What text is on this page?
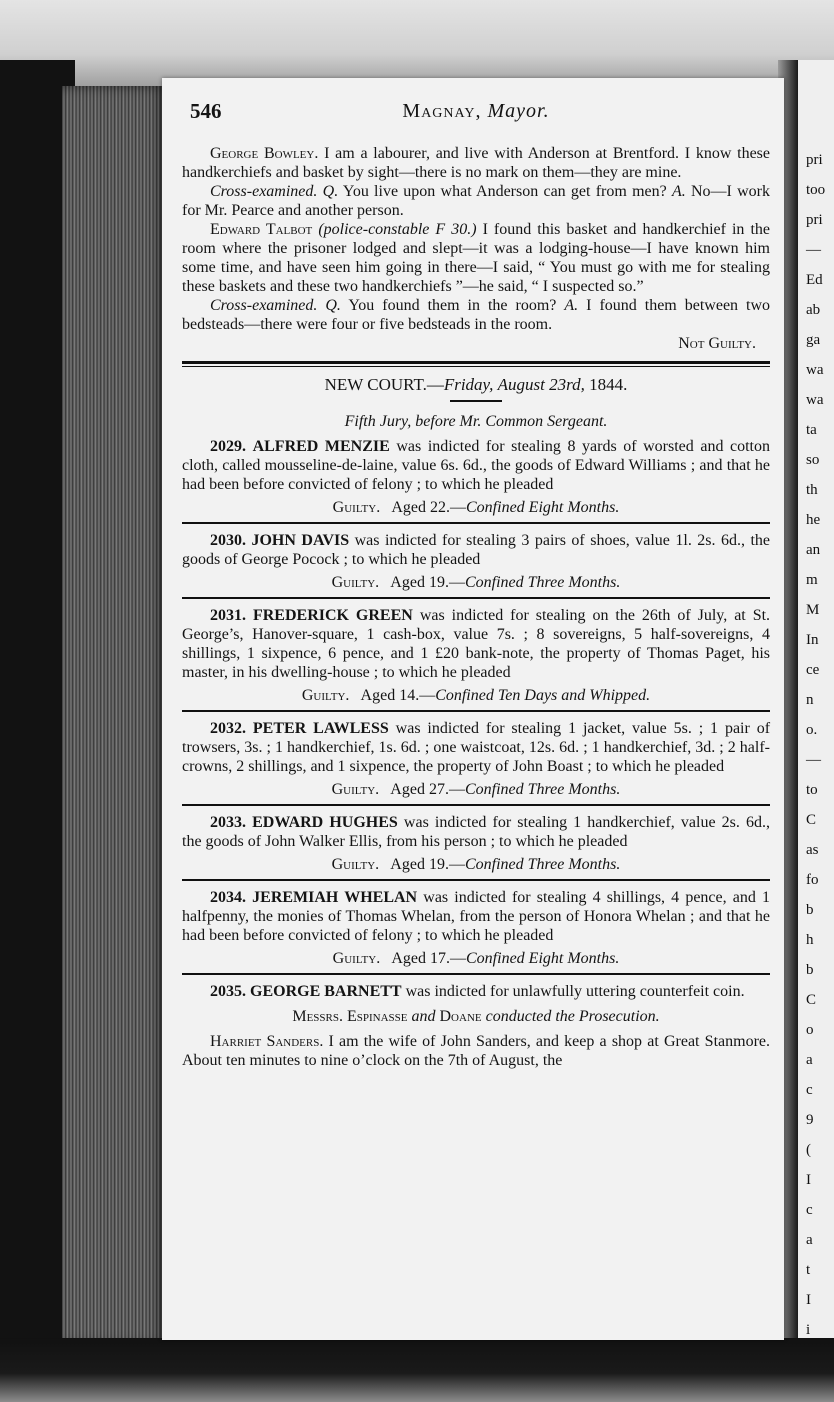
pri
too
pri
—
Ed
ab
ga
wa
wa
ta
so
th
he
an
m
M
In
ce
n
o.
—
to
C
as
fo
b
h
b
C
o
a
c
9
(
I
c
a
t
I
i
546	Magnay, Mayor.

George Bowley. I am a labourer, and live with Anderson at Brentford. I know these handkerchiefs and basket by sight—there is no mark on them—they are mine.

Cross-examined. Q. You live upon what Anderson can get from men? A. No—I work for Mr. Pearce and another person.

Edward Talbot (police-constable F 30.) I found this basket and handkerchief in the room where the prisoner lodged and slept—it was a lodging-house—I have known him some time, and have seen him going in there—I said, “ You must go with me for stealing these baskets and these two handkerchiefs ”—he said, “ I suspected so.”

Cross-examined. Q. You found them in the room? A. I found them between two bedsteads—there were four or five bedsteads in the room.

Not Guilty.
NEW COURT.—Friday, August 23rd, 1844.
Fifth Jury, before Mr. Common Sergeant.

2029. ALFRED MENZIE was indicted for stealing 8 yards of worsted and cotton cloth, called mousseline-de-laine, value 6s. 6d., the goods of Edward Williams ; and that he had been before convicted of felony ; to which he pleaded

Guilty. Aged 22.—Confined Eight Months.

2030. JOHN DAVIS was indicted for stealing 3 pairs of shoes, value 1l. 2s. 6d., the goods of George Pocock ; to which he pleaded

Guilty. Aged 19.—Confined Three Months.

2031. FREDERICK GREEN was indicted for stealing on the 26th of July, at St. George’s, Hanover-square, 1 cash-box, value 7s. ; 8 sovereigns, 5 half-sovereigns, 4 shillings, 1 sixpence, 6 pence, and 1 £20 bank-note, the property of Thomas Paget, his master, in his dwelling-house ; to which he pleaded

Guilty. Aged 14.—Confined Ten Days and Whipped.

2032. PETER LAWLESS was indicted for stealing 1 jacket, value 5s. ; 1 pair of trowsers, 3s. ; 1 handkerchief, 1s. 6d. ; one waistcoat, 12s. 6d. ; 1 handkerchief, 3d. ; 2 half-crowns, 2 shillings, and 1 sixpence, the property of John Boast ; to which he pleaded

Guilty. Aged 27.—Confined Three Months.

2033. EDWARD HUGHES was indicted for stealing 1 handkerchief, value 2s. 6d., the goods of John Walker Ellis, from his person ; to which he pleaded

Guilty. Aged 19.—Confined Three Months.

2034. JEREMIAH WHELAN was indicted for stealing 4 shillings, 4 pence, and 1 halfpenny, the monies of Thomas Whelan, from the person of Honora Whelan ; and that he had been before convicted of felony ; to which he pleaded

Guilty. Aged 17.—Confined Eight Months.

2035. GEORGE BARNETT was indicted for unlawfully uttering counterfeit coin.

Messrs. Espinasse and Doane conducted the Prosecution.

Harriet Sanders. I am the wife of John Sanders, and keep a shop at Great Stanmore. About ten minutes to nine o’clock on the 7th of August, the
